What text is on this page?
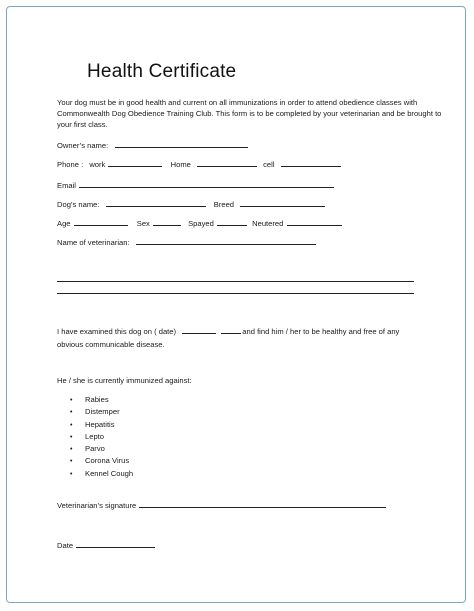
Health Certificate
Your dog must be in good health and current on all immunizations in order to attend obedience classes with Commonwealth Dog Obedience Training Club. This form is to be completed by your veterinarian and be brought to your first class.
Owner’s name:
Phone : work	Home	cell
Email
Dog’s name:	Breed
Age	Sex	Spayed	Neutered
Name of veterinarian:
I have examined this dog on ( date)	and find him / her to be healthy and free of any
obvious communicable disease.
He / she is currently immunized against:
• Rabies
• Distemper
• Hepatitis
• Lepto
• Parvo
• Corona Virus
• Kennel Cough
Veterinarian’s signature
Date
